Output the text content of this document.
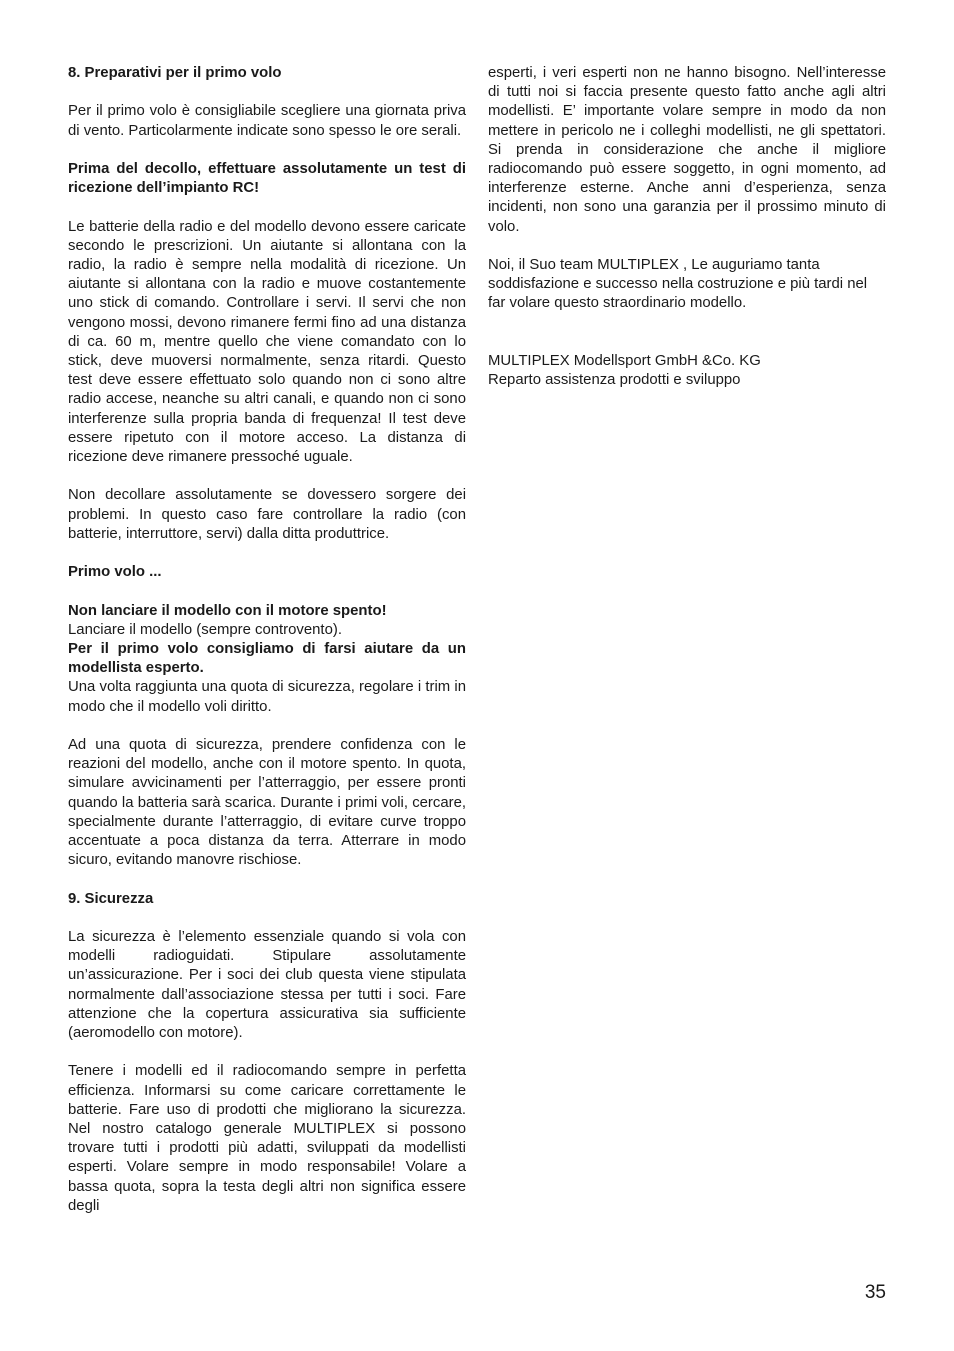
8. Preparativi per il primo volo

Per il primo volo è consigliabile scegliere una giornata priva di vento. Particolarmente indicate sono spesso le ore serali.

Prima del decollo, effettuare assolutamente un test di ricezione dell’impianto RC!

Le batterie della radio e del modello devono essere caricate secondo le prescrizioni. Un aiutante si allontana con la radio, la radio è sempre nella modalità di ricezione. Un aiutante si allontana con la radio e muove costantemente uno stick di comando. Controllare i servi. Il servi che non vengono mossi, devono rimanere fermi fino ad una distanza di ca. 60 m, mentre quello che viene comandato con lo stick, deve muoversi normalmente, senza ritardi. Questo test deve essere effettuato solo quando non ci sono altre radio accese, neanche su altri canali, e quando non ci sono interferenze sulla propria banda di frequenza! Il test deve essere ripetuto con il motore acceso. La distanza di ricezione deve rimanere pressoché uguale.

Non decollare assolutamente se dovessero sorgere dei problemi. In questo caso fare controllare la radio (con batterie, interruttore, servi) dalla ditta produttrice.

Primo volo ...

Non lanciare il modello con il motore spento!

Lanciare il modello (sempre controvento).

Per il primo volo consigliamo di farsi aiutare da un modellista esperto.

Una volta raggiunta una quota di sicurezza, regolare i trim in modo che il modello voli diritto.

Ad una quota di sicurezza, prendere confidenza con le reazioni del modello, anche con il motore spento. In quota, simulare avvicinamenti per l’atterraggio, per essere pronti quando la batteria sarà scarica. Durante i primi voli, cercare, specialmente durante l’atterraggio, di evitare curve troppo accentuate a poca distanza da terra. Atterrare in modo sicuro, evitando manovre rischiose.

9. Sicurezza

La sicurezza è l’elemento essenziale quando si vola con modelli radioguidati. Stipulare assolutamente un’assicurazione. Per i soci dei club questa viene stipulata normalmente dall’associazione stessa per tutti i soci. Fare attenzione che la copertura assicurativa sia sufficiente (aeromodello con motore).

Tenere i modelli ed il radiocomando sempre in perfetta efficienza. Informarsi su come caricare correttamente le batterie. Fare uso di prodotti che migliorano la sicurezza. Nel nostro catalogo generale MULTIPLEX si possono trovare tutti i prodotti più adatti, sviluppati da modellisti esperti. Volare sempre in modo responsabile! Volare a bassa quota, sopra la testa degli altri non significa essere degli

esperti, i veri esperti non ne hanno bisogno. Nell’interesse di tutti noi si faccia presente questo fatto anche agli altri modellisti. E’ importante volare sempre in modo da non mettere in pericolo ne i colleghi modellisti, ne gli spettatori. Si prenda in considerazione che anche il migliore radiocomando può essere soggetto, in ogni momento, ad interferenze esterne. Anche anni d’esperienza, senza incidenti, non sono una garanzia per il prossimo minuto di volo.

Noi, il Suo team MULTIPLEX , Le auguriamo tanta soddisfazione e successo nella costruzione e più tardi nel far volare questo straordinario modello.

MULTIPLEX Modellsport GmbH &Co. KG

Reparto assistenza prodotti e sviluppo

35
